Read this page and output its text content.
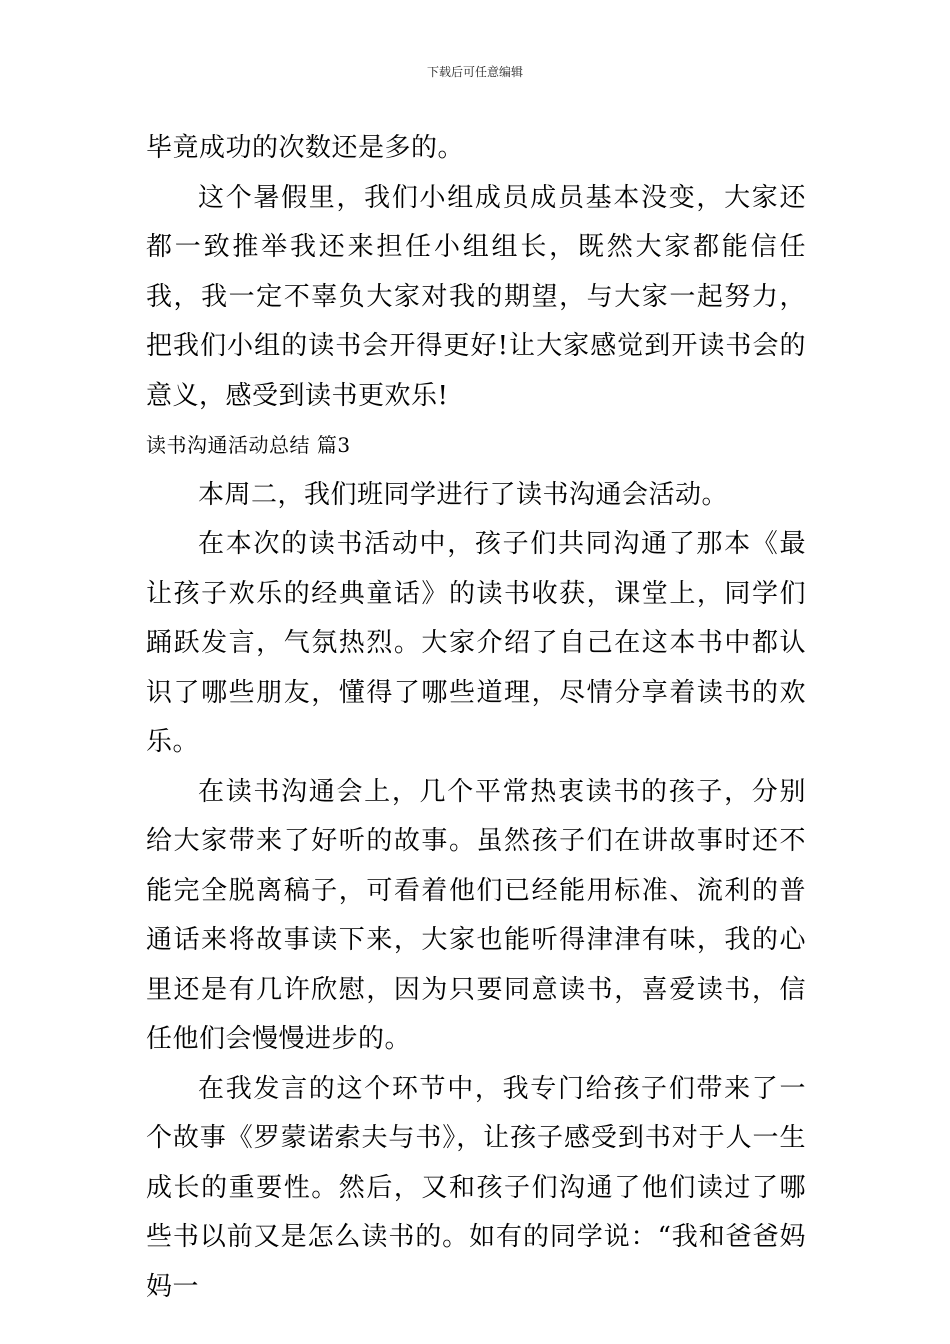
下载后可任意编辑

毕竟成功的次数还是多的。

这个暑假里，我们小组成员成员基本没变，大家还都一致推举我还来担任小组组长，既然大家都能信任我，我一定不辜负大家对我的期望，与大家一起努力，把我们小组的读书会开得更好!让大家感觉到开读书会的意义，感受到读书更欢乐!

读书沟通活动总结 篇3

本周二，我们班同学进行了读书沟通会活动。

在本次的读书活动中，孩子们共同沟通了那本《最让孩子欢乐的经典童话》的读书收获，课堂上，同学们踊跃发言，气氛热烈。大家介绍了自己在这本书中都认识了哪些朋友，懂得了哪些道理，尽情分享着读书的欢乐。

在读书沟通会上，几个平常热衷读书的孩子，分别给大家带来了好听的故事。虽然孩子们在讲故事时还不能完全脱离稿子，可看着他们已经能用标准、流利的普通话来将故事读下来，大家也能听得津津有味，我的心里还是有几许欣慰，因为只要同意读书，喜爱读书，信任他们会慢慢进步的。

在我发言的这个环节中，我专门给孩子们带来了一个故事《罗蒙诺索夫与书》，让孩子感受到书对于人一生成长的重要性。然后，又和孩子们沟通了他们读过了哪些书以前又是怎么读书的。如有的同学说：“我和爸爸妈妈一
